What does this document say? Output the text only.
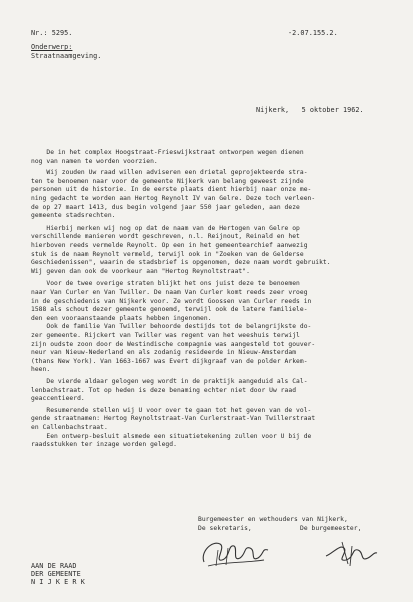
Nr.: 5295.	-2.07.155.2.
Onderwerp:
Straatnaamgeving.
Nijkerk,   5 oktober 1962.
De in het complex Hoogstraat-Frieswijkstraat ontworpen wegen dienen
nog van namen te worden voorzien.
Wij zouden Uw raad willen adviseren een drietal geprojekteerde stra-
ten te benoemen naar voor de gemeente Nijkerk van belang geweest zijnde
personen uit de historie. In de eerste plaats dient hierbij naar onze me-
ning gedacht te worden aan Hertog Reynolt IV van Gelre. Deze toch verleen-
de op 27 maart 1413, dus begin volgend jaar 550 jaar geleden, aan deze
gemeente stadsrechten.
Hierbij merken wij nog op dat de naam van de Hertogen van Gelre op
verschillende manieren wordt geschreven, n.l. Reijnout, Reinald en het
hierboven reeds vermelde Reynolt. Op een in het gemeentearchief aanwezig
stuk is de naam Reynolt vermeld, terwijl ook in "Zoeken van de Gelderse
Geschiedenissen", waarin de stadsbrief is opgenomen, deze naam wordt gebruikt.
Wij geven dan ook de voorkeur aan "Hertog Reynoltstraat".
Voor de twee overige straten blijkt het ons juist deze te benoemen
naar Van Curler en Van Twiller. De naam Van Curler komt reeds zeer vroeg
in de geschiedenis van Nijkerk voor. Ze wordt Goossen van Curler reeds in
1588 als schout dezer gemeente genoemd, terwijl ook de latere familiele-
den een vooraanstaande plaats hebben ingenomen.
Ook de familie Van Twiller behoorde destijds tot de belangrijkste do-
zer gemeente. Rijckert van Twiller was regent van het weeshuis terwijl
zijn oudste zoon door de Westindische compagnie was aangesteld tot gouver-
neur van Nieuw-Nederland en als zodanig resideerde in Nieuw-Amsterdam
(thans New York). Van 1663-1667 was Evert dijkgraaf van de polder Arkem-
heen.
De vierde aldaar gelogen weg wordt in de praktijk aangeduid als Cal-
lenbachstraat. Tot op heden is deze benaming echter niet door Uw raad
geaccentieerd.
Resumerende stellen wij U voor over te gaan tot het geven van de vol-
gende straatnamen: Hertog Reynoltstraat-Van Curlerstraat-Van Twillerstraat
en Callenbachstraat.
Een ontwerp-besluit alsmede een situatietekening zullen voor U bij de
raadsstukken ter inzage worden gelegd.
Burgemeester en wethouders van Nijkerk,
De sekretaris,	De burgemeester,
AAN DE RAAD
DER GEMEENTE
N I J K E R K
